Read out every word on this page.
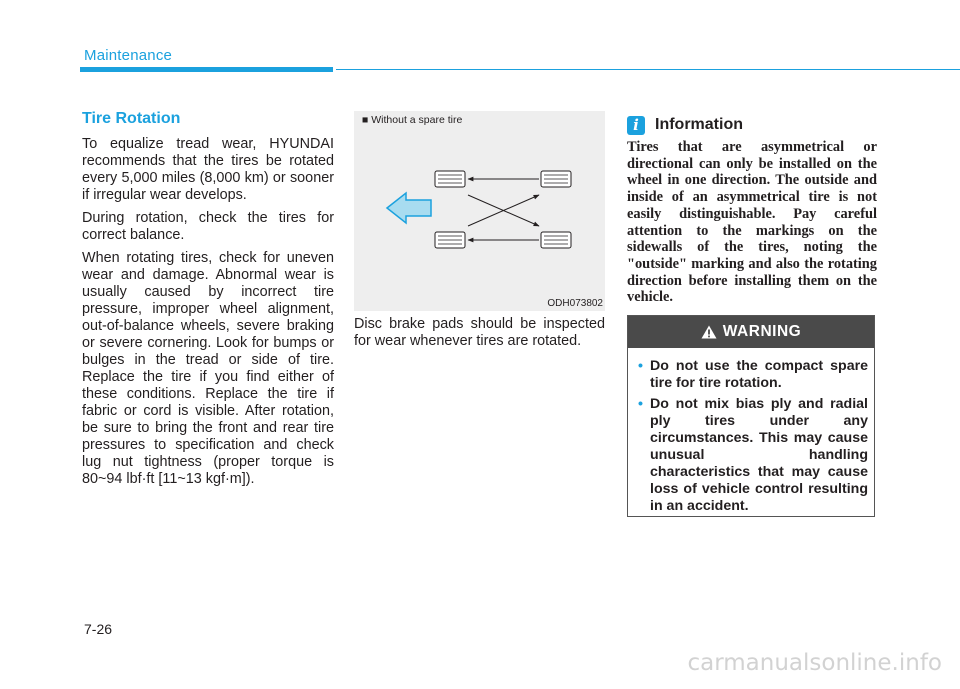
Maintenance
Tire Rotation

To equalize tread wear, HYUNDAI recommends that the tires be rotated every 5,000 miles (8,000 km) or sooner if irregular wear develops.

During rotation, check the tires for correct balance.

When rotating tires, check for uneven wear and damage. Abnormal wear is usually caused by incorrect tire pressure, improper wheel alignment, out-of-balance wheels, severe braking or severe cornering. Look for bumps or bulges in the tread or side of tire. Replace the tire if you find either of these conditions. Replace the tire if fabric or cord is visible. After rotation, be sure to bring the front and rear tire pressures to specification and check lug nut tightness (proper torque is 80~94 lbf·ft [11~13 kgf·m]).

■ Without a spare tire
ODH073802

Disc brake pads should be inspected for wear whenever tires are rotated.

i	Information
Tires that are asymmetrical or directional can only be installed on the wheel in one direction. The outside and inside of an asymmetrical tire is not easily distinguishable. Pay careful attention to the markings on the sidewalls of the tires, noting the "outside" marking and also the rotating direction before installing them on the vehicle.
WARNING
• Do not use the compact spare tire for tire rotation.
• Do not mix bias ply and radial ply tires under any circumstances. This may cause unusual handling characteristics that may cause loss of vehicle control resulting in an accident.
7-26
carmanualsonline.info
